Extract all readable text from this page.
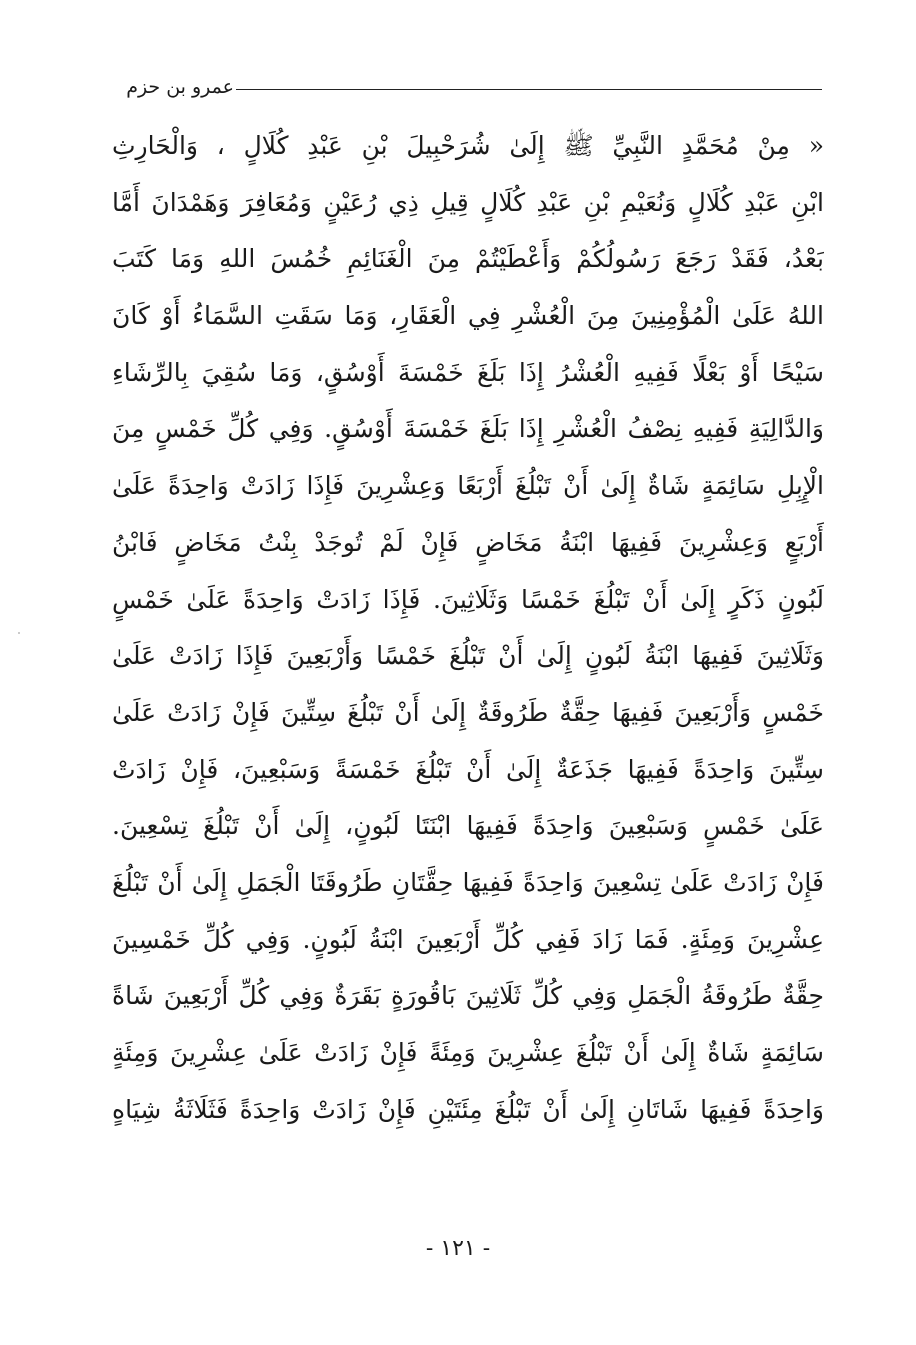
عمرو بن حزم
« مِنْ مُحَمَّدٍ النَّبِيِّ ﷺ إِلَىٰ شُرَحْبِيلَ بْنِ عَبْدِ كُلَالٍ ، وَالْحَارِثِ
ابْنِ عَبْدِ كُلَالٍ وَنُعَيْمِ بْنِ عَبْدِ كُلَالٍ قِيلِ ذِي رُعَيْنٍ وَمُعَافِرَ وَهَمْدَانَ أَمَّا
بَعْدُ، فَقَدْ رَجَعَ رَسُولُكُمْ وَأَعْطَيْتُمْ مِنَ الْغَنَائِمِ خُمُسَ اللهِ وَمَا كَتَبَ
اللهُ عَلَىٰ الْمُؤْمِنِينَ مِنَ الْعُشْرِ فِي الْعَقَارِ، وَمَا سَقَتِ السَّمَاءُ أَوْ كَانَ
سَيْحًا أَوْ بَعْلًا فَفِيهِ الْعُشْرُ إِذَا بَلَغَ خَمْسَةَ أَوْسُقٍ، وَمَا سُقِيَ بِالرِّشَاءِ
وَالدَّالِيَةِ فَفِيهِ نِصْفُ الْعُشْرِ إِذَا بَلَغَ خَمْسَةَ أَوْسُقٍ. وَفِي كُلِّ خَمْسٍ مِنَ
الْإِبِلِ سَائِمَةٍ شَاةٌ إِلَىٰ أَنْ تَبْلُغَ أَرْبَعًا وَعِشْرِينَ فَإِذَا زَادَتْ وَاحِدَةً عَلَىٰ
أَرْبَعٍ وَعِشْرِينَ فَفِيهَا ابْنَةُ مَخَاضٍ فَإِنْ لَمْ تُوجَدْ بِنْتُ مَخَاضٍ فَابْنُ
لَبُونٍ ذَكَرٍ إِلَىٰ أَنْ تَبْلُغَ خَمْسًا وَثَلَاثِينَ. فَإِذَا زَادَتْ وَاحِدَةً عَلَىٰ خَمْسٍ
وَثَلَاثِينَ فَفِيهَا ابْنَةُ لَبُونٍ إِلَىٰ أَنْ تَبْلُغَ خَمْسًا وَأَرْبَعِينَ فَإِذَا زَادَتْ عَلَىٰ
خَمْسٍ وَأَرْبَعِينَ فَفِيهَا حِقَّةٌ طَرُوقَةٌ إِلَىٰ أَنْ تَبْلُغَ سِتِّينَ فَإِنْ زَادَتْ عَلَىٰ
سِتِّينَ وَاحِدَةً فَفِيهَا جَذَعَةٌ إِلَىٰ أَنْ تَبْلُغَ خَمْسَةً وَسَبْعِينَ، فَإِنْ زَادَتْ
عَلَىٰ خَمْسٍ وَسَبْعِينَ وَاحِدَةً فَفِيهَا ابْنَتَا لَبُونٍ، إِلَىٰ أَنْ تَبْلُغَ تِسْعِينَ.
فَإِنْ زَادَتْ عَلَىٰ تِسْعِينَ وَاحِدَةً فَفِيهَا حِقَّتَانِ طَرُوقَتَا الْجَمَلِ إِلَىٰ أَنْ تَبْلُغَ
عِشْرِينَ وَمِئَةٍ. فَمَا زَادَ فَفِي كُلِّ أَرْبَعِينَ ابْنَةُ لَبُونٍ. وَفِي كُلِّ خَمْسِينَ
حِقَّةٌ طَرُوقَةُ الْجَمَلِ وَفِي كُلِّ ثَلَاثِينَ بَاقُورَةٍ بَقَرَةٌ وَفِي كُلِّ أَرْبَعِينَ شَاةً
سَائِمَةٍ شَاةٌ إِلَىٰ أَنْ تَبْلُغَ عِشْرِينَ وَمِئَةً فَإِنْ زَادَتْ عَلَىٰ عِشْرِينَ وَمِئَةٍ
وَاحِدَةً فَفِيهَا شَاتَانِ إِلَىٰ أَنْ تَبْلُغَ مِئَتَيْنِ فَإِنْ زَادَتْ وَاحِدَةً فَثَلَاثَةُ شِيَاهٍ
- ١٢١ -
